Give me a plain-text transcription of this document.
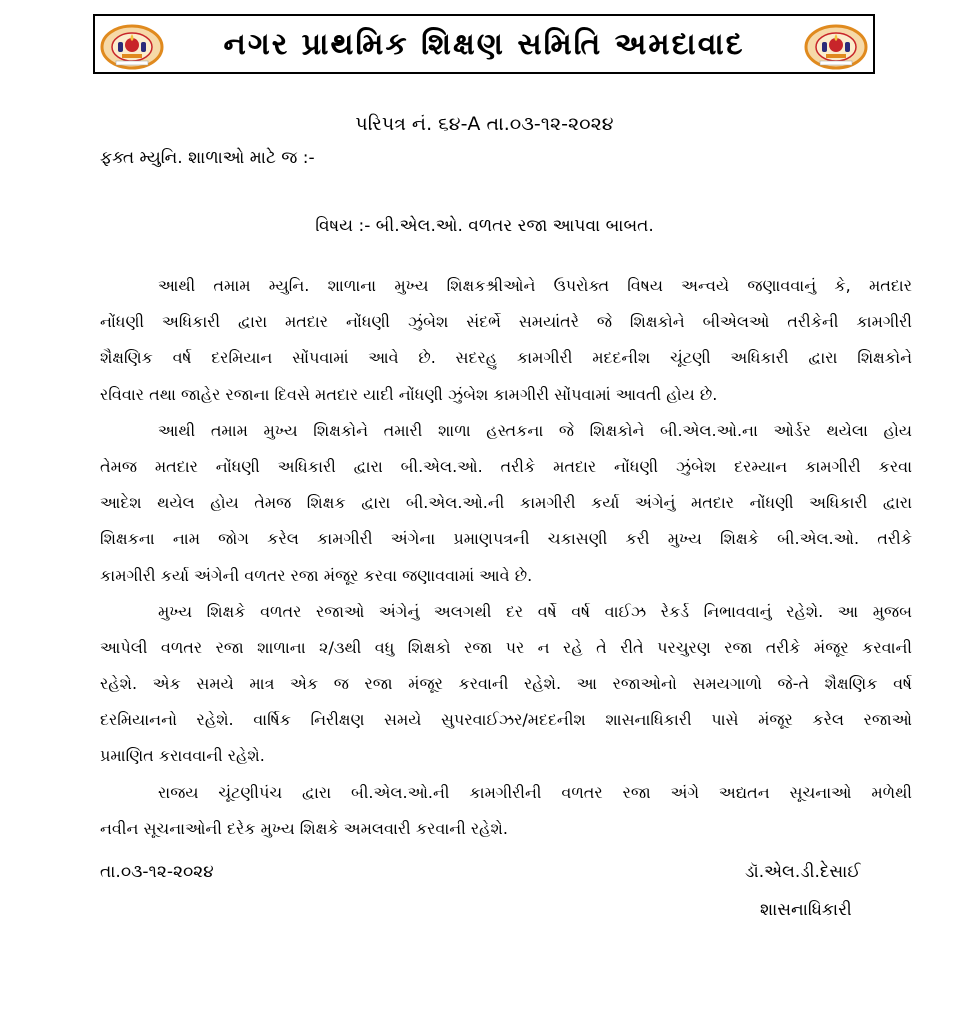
નગર પ્રાથમિક શિક્ષણ સમિતિ અમદાવાદ
પરિપત્ર નં. ૬૪-A તા.૦૩-૧૨-૨૦૨૪
ફક્ત મ્યુનિ. શાળાઓ માટે જ :-
વિષય :- બી.એલ.ઓ. વળતર રજા આપવા બાબત.
આથી તમામ મ્યુનિ. શાળાના મુખ્ય શિક્ષકશ્રીઓને ઉપરોક્ત વિષય અન્વયે જણાવવાનું કે, મતદાર
નોંધણી અધિકારી દ્વારા મતદાર નોંધણી ઝુંબેશ સંદર્ભે સમયાંતરે જે શિક્ષકોને બીએલઓ તરીકેની કામગીરી
શૈક્ષણિક વર્ષ દરમિયાન સોંપવામાં આવે છે. સદરહુ કામગીરી મદદનીશ ચૂંટણી અધિકારી દ્વારા શિક્ષકોને
રવિવાર તથા જાહેર રજાના દિવસે મતદાર યાદી નોંધણી ઝુંબેશ કામગીરી સોંપવામાં આવતી હોય છે.
આથી તમામ મુખ્ય શિક્ષકોને તમારી શાળા હસ્તકના જે શિક્ષકોને બી.એલ.ઓ.ના ઓર્ડર થયેલા હોય
તેમજ મતદાર નોંધણી અધિકારી દ્વારા બી.એલ.ઓ. તરીકે મતદાર નોંધણી ઝુંબેશ દરમ્યાન કામગીરી કરવા
આદેશ થયેલ હોય તેમજ શિક્ષક દ્વારા બી.એલ.ઓ.ની કામગીરી કર્યા અંગેનું મતદાર નોંધણી અધિકારી દ્વારા
શિક્ષકના નામ જોગ કરેલ કામગીરી અંગેના પ્રમાણપત્રની ચકાસણી કરી મુખ્ય શિક્ષકે બી.એલ.ઓ. તરીકે
કામગીરી કર્યા અંગેની વળતર રજા મંજૂર કરવા જણાવવામાં આવે છે.
મુખ્ય શિક્ષકે વળતર રજાઓ અંગેનું અલગથી દર વર્ષે વર્ષ વાઈઝ રેકર્ડ નિભાવવાનું રહેશે. આ મુજબ
આપેલી વળતર રજા શાળાના ૨/૩થી વધુ શિક્ષકો રજા પર ન રહે તે રીતે પરચુરણ રજા તરીકે મંજૂર કરવાની
રહેશે. એક સમયે માત્ર એક જ રજા મંજૂર કરવાની રહેશે. આ રજાઓનો સમયગાળો જે-તે શૈક્ષણિક વર્ષ
દરમિયાનનો રહેશે. વાર્ષિક નિરીક્ષણ સમયે સુપરવાઈઝર/મદદનીશ શાસનાધિકારી પાસે મંજૂર કરેલ રજાઓ
પ્રમાણિત કરાવવાની રહેશે.
રાજય ચૂંટણીપંચ દ્વારા બી.એલ.ઓ.ની કામગીરીની વળતર રજા અંગે અદ્યતન સૂચનાઓ મળેથી
નવીન સૂચનાઓની દરેક મુખ્ય શિક્ષકે અમલવારી કરવાની રહેશે.
તા.૦૩-૧૨-૨૦૨૪	ડૉ.એલ.ડી.દેસાઈ
શાસનાધિકારી
